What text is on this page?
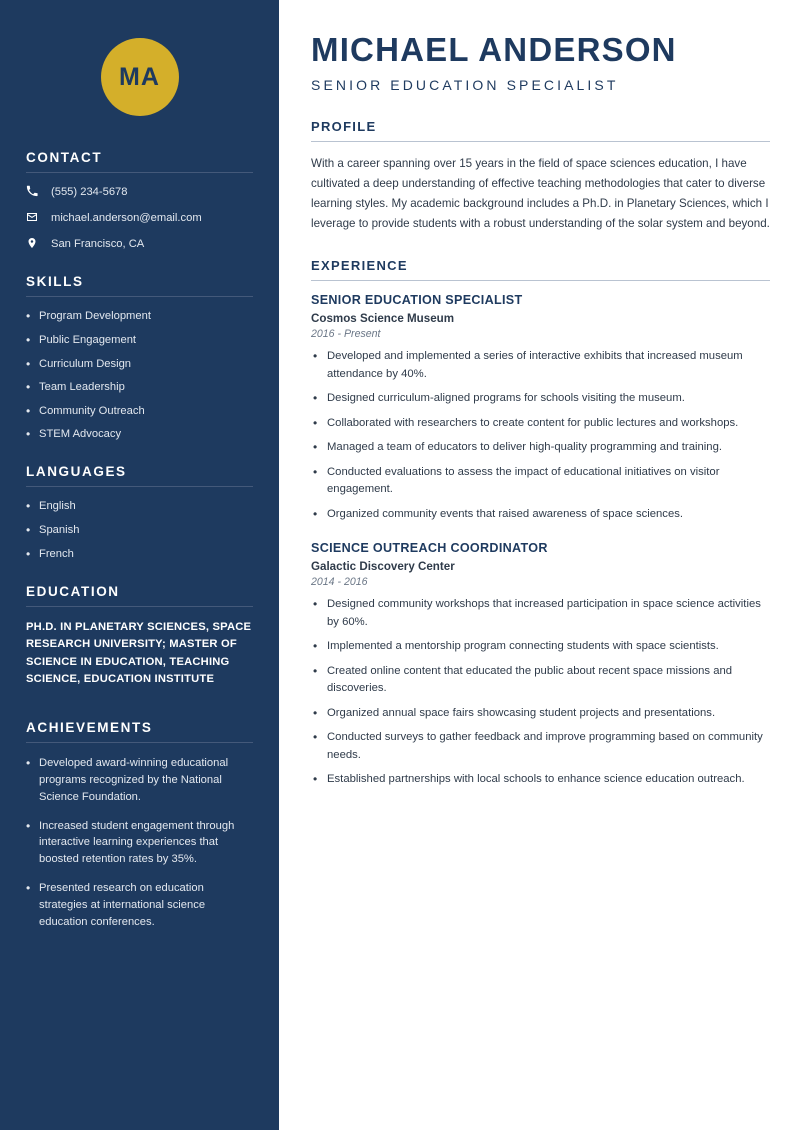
MA
CONTACT
(555) 234-5678
michael.anderson@email.com
San Francisco, CA
SKILLS
• Program Development
• Public Engagement
• Curriculum Design
• Team Leadership
• Community Outreach
• STEM Advocacy
LANGUAGES
• English
• Spanish
• French
EDUCATION
PH.D. IN PLANETARY SCIENCES, SPACE RESEARCH UNIVERSITY; MASTER OF SCIENCE IN EDUCATION, TEACHING SCIENCE, EDUCATION INSTITUTE
ACHIEVEMENTS
• Developed award-winning educational programs recognized by the National Science Foundation.
• Increased student engagement through interactive learning experiences that boosted retention rates by 35%.
• Presented research on education strategies at international science education conferences.
MICHAEL ANDERSON
SENIOR EDUCATION SPECIALIST
PROFILE

With a career spanning over 15 years in the field of space sciences education, I have cultivated a deep understanding of effective teaching methodologies that cater to diverse learning styles. My academic background includes a Ph.D. in Planetary Sciences, which I leverage to provide students with a robust understanding of the solar system and beyond.

EXPERIENCE
SENIOR EDUCATION SPECIALIST
Cosmos Science Museum
2016 - Present
• Developed and implemented a series of interactive exhibits that increased museum attendance by 40%.
• Designed curriculum-aligned programs for schools visiting the museum.
• Collaborated with researchers to create content for public lectures and workshops.
• Managed a team of educators to deliver high-quality programming and training.
• Conducted evaluations to assess the impact of educational initiatives on visitor engagement.
• Organized community events that raised awareness of space sciences.
SCIENCE OUTREACH COORDINATOR
Galactic Discovery Center
2014 - 2016
• Designed community workshops that increased participation in space science activities by 60%.
• Implemented a mentorship program connecting students with space scientists.
• Created online content that educated the public about recent space missions and discoveries.
• Organized annual space fairs showcasing student projects and presentations.
• Conducted surveys to gather feedback and improve programming based on community needs.
• Established partnerships with local schools to enhance science education outreach.
